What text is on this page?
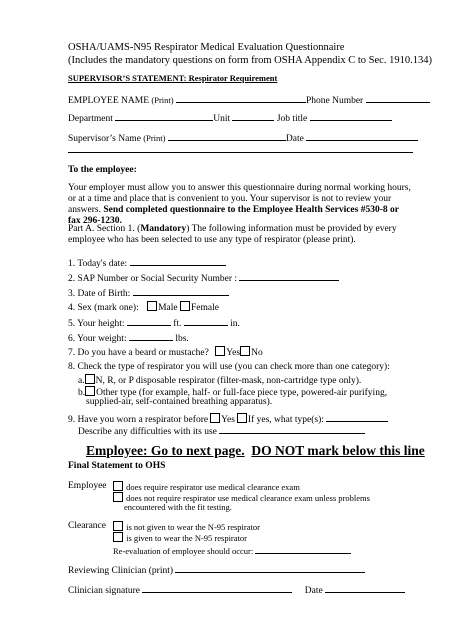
OSHA/UAMS-N95 Respirator Medical Evaluation Questionnaire
(Includes the mandatory questions on form from OSHA Appendix C to Sec. 1910.134)
SUPERVISOR’S STATEMENT: Respirator Requirement
EMPLOYEE NAME (Print)	Phone Number
Department	Unit	Job title
Supervisor’s Name (Print)	Date
To the employee:
Your employer must allow you to answer this questionnaire during normal working hours, or at a time and place that is convenient to you. Your supervisor is not to review your answers. Send completed questionnaire to the Employee Health Services #530-8 or fax 296-1230.
Part A. Section 1. (Mandatory) The following information must be provided by every employee who has been selected to use any type of respirator (please print).
1. Today's date:
2. SAP Number or Social Security Number :
3. Date of Birth:
4. Sex (mark one): Male Female
5. Your height:	ft.	in.
6. Your weight:	lbs.
7. Do you have a beard or mustache? Yes No
8. Check the type of respirator you will use (you can check more than one category):
a. N, R, or P disposable respirator (filter-mask, non-cartridge type only).
b. Other type (for example, half- or full-face piece type, powered-air purifying,
supplied-air, self-contained breathing apparatus).
9. Have you worn a respirator before Yes If yes, what type(s):
Describe any difficulties with its use
Employee: Go to next page. DO NOT mark below this line
Final Statement to OHS
Employee	does require respirator use medical clearance exam
does not require respirator use medical clearance exam unless problems
encountered with the fit testing.
Clearance	is not given to wear the N-95 respirator
is given to wear the N-95 respirator
Re-evaluation of employee should occur:
Reviewing Clinician (print)
Clinician signature	Date
